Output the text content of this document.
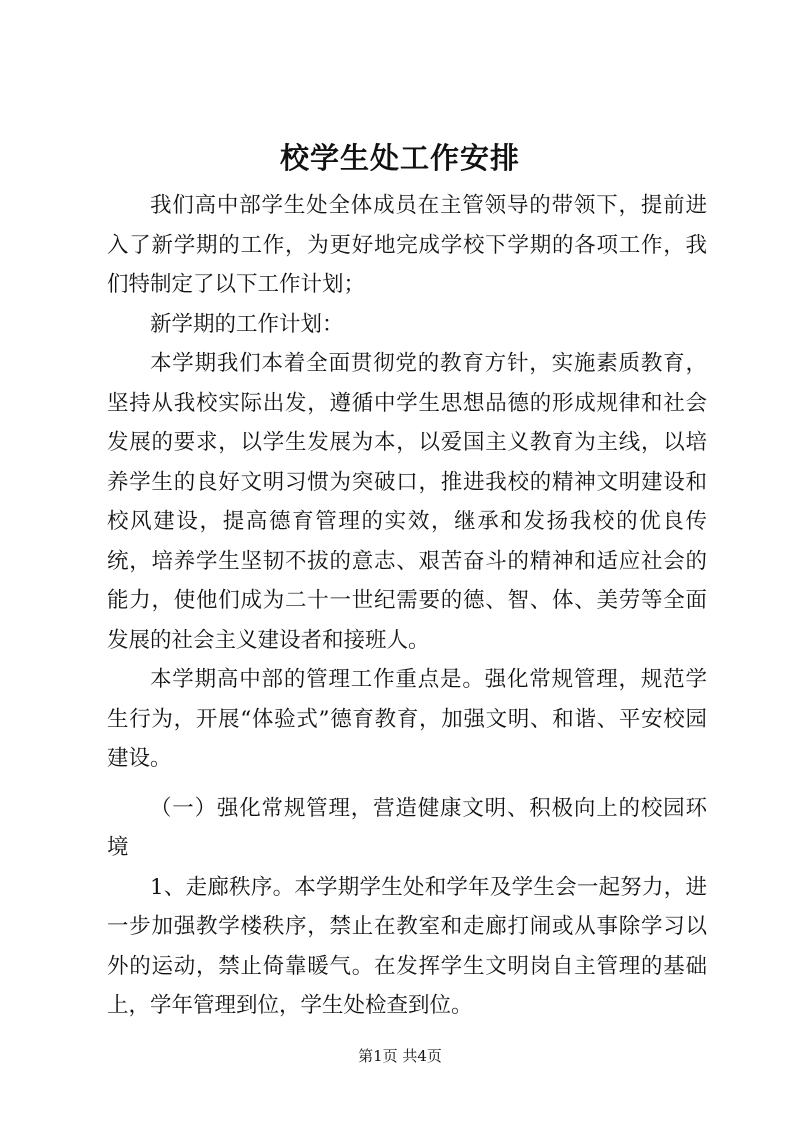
校学生处工作安排

我们高中部学生处全体成员在主管领导的带领下，提前进入了新学期的工作，为更好地完成学校下学期的各项工作，我们特制定了以下工作计划；

新学期的工作计划：

本学期我们本着全面贯彻党的教育方针，实施素质教育，坚持从我校实际出发，遵循中学生思想品德的形成规律和社会发展的要求，以学生发展为本，以爱国主义教育为主线，以培养学生的良好文明习惯为突破口，推进我校的精神文明建设和校风建设，提高德育管理的实效，继承和发扬我校的优良传统，培养学生坚韧不拔的意志、艰苦奋斗的精神和适应社会的能力，使他们成为二十一世纪需要的德、智、体、美劳等全面发展的社会主义建设者和接班人。

本学期高中部的管理工作重点是。强化常规管理，规范学生行为，开展“体验式”德育教育，加强文明、和谐、平安校园建设。

（一）强化常规管理，营造健康文明、积极向上的校园环境

1、走廊秩序。本学期学生处和学年及学生会一起努力，进一步加强教学楼秩序，禁止在教室和走廊打闹或从事除学习以外的运动，禁止倚靠暖气。在发挥学生文明岗自主管理的基础上，学年管理到位，学生处检查到位。

第1页 共4页
